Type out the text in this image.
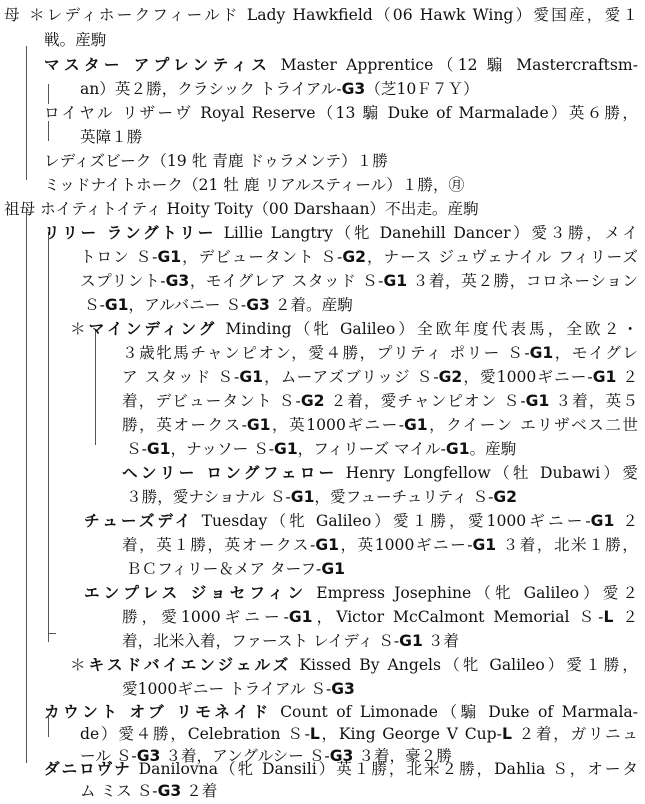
母 ＊レディホークフィールド Lady Hawkfield（06 Hawk Wing）愛国産，愛１
戦。産駒
マスター アプレンティス Master Apprentice（12 騸 Mastercraftsm-
an）英２勝，クラシック トライアル-G3（芝10Ｆ７Ｙ）
ロイヤル リザーヴ Royal Reserve（13 騸 Duke of Marmalade）英６勝，
英障１勝
レディズビーク（19 牝 青鹿 ドゥラメンテ）１勝
ミッドナイトホーク（21 牡 鹿 リアルスティール）１勝，㊊
祖母 ホイティトイティ Hoity Toity（00 Darshaan）不出走。産駒
リリー ラングトリー Lillie Langtry（牝 Danehill Dancer）愛３勝，メイ
トロン Ｓ-G1，デビュータント Ｓ-G2，ナース ジュヴェナイル フィリーズ
スプリント-G3，モイグレア スタッド Ｓ-G1 ３着，英２勝，コロネーション
Ｓ-G1，アルバニー Ｓ-G3 ２着。産駒
＊マインディング Minding（牝 Galileo）全欧年度代表馬，全欧２・
３歳牝馬チャンピオン，愛４勝，プリティ ポリー Ｓ-G1，モイグレ
ア スタッド Ｓ-G1，ムーアズブリッジ Ｓ-G2，愛1000ギニー-G1 ２
着，デビュータント Ｓ-G2 ２着，愛チャンピオン Ｓ-G1 ３着，英５
勝，英オークス-G1，英1000ギニー-G1，クイーン エリザベス二世
Ｓ-G1，ナッソー Ｓ-G1，フィリーズ マイル-G1。産駒
ヘンリー ロングフェロー Henry Longfellow（牡 Dubawi）愛
３勝，愛ナショナル Ｓ-G1，愛フューチュリティ Ｓ-G2
チューズデイ Tuesday（牝 Galileo）愛１勝，愛1000ギニー-G1 ２
着，英１勝，英オークス-G1，英1000ギニー-G1 ３着，北米１勝，
ＢＣフィリー＆メア ターフ-G1
エンプレス ジョセフィン Empress Josephine（牝 Galileo）愛２
勝，愛1000ギニー-G1，Victor McCalmont Memorial Ｓ-L ２
着，北米入着，ファースト レイディ Ｓ-G1 ３着
＊キスドバイエンジェルズ Kissed By Angels（牝 Galileo）愛１勝，
愛1000ギニー トライアル Ｓ-G3
カウント オブ リモネイド Count of Limonade（騸 Duke of Marmala-
de）愛４勝，Celebration Ｓ-L，King George V Cup-L ２着，ガリニュ
ール Ｓ-G3 ３着，アングルシー Ｓ-G3 ３着，豪２勝
ダニロヴナ Danilovna（牝 Dansili）英１勝，北米２勝，Dahlia Ｓ，オータ
ム ミス Ｓ-G3 ２着
